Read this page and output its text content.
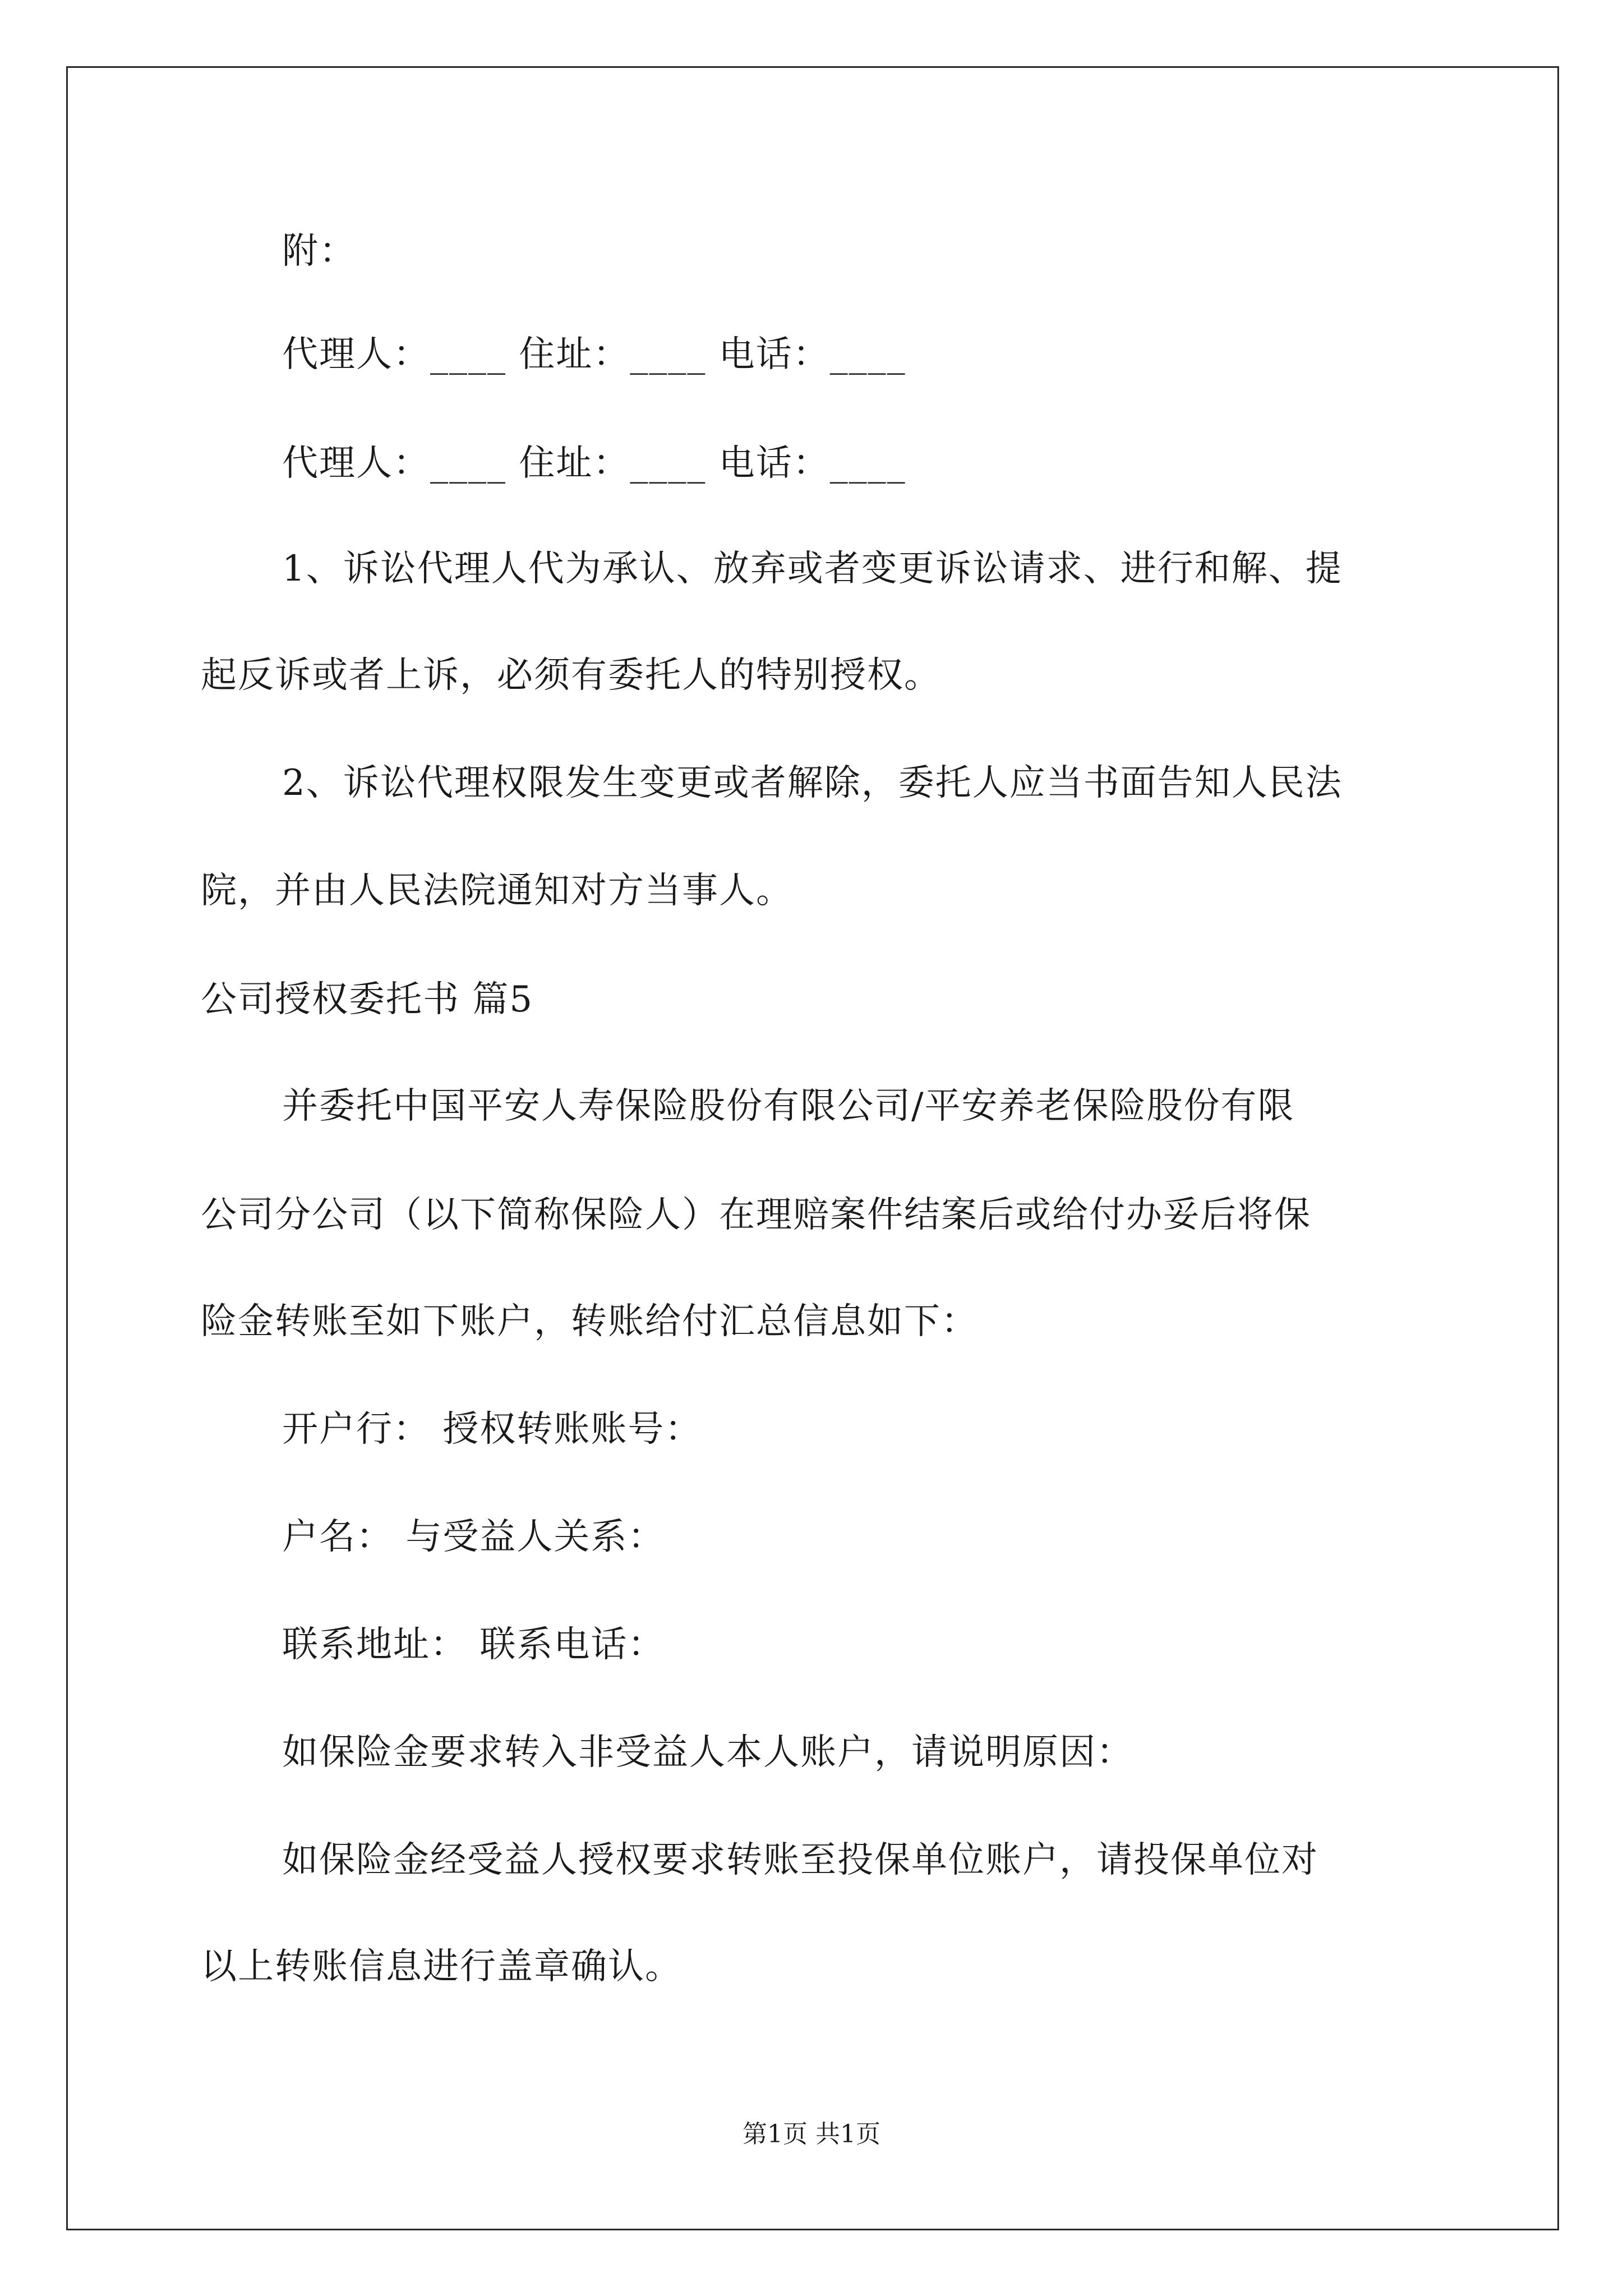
附：
代理人：____ 住址：____ 电话：____
代理人：____ 住址：____ 电话：____
1、诉讼代理人代为承认、放弃或者变更诉讼请求、进行和解、提
起反诉或者上诉，必须有委托人的特别授权。
2、诉讼代理权限发生变更或者解除，委托人应当书面告知人民法
院，并由人民法院通知对方当事人。
公司授权委托书 篇5
并委托中国平安人寿保险股份有限公司/平安养老保险股份有限
公司分公司（以下简称保险人）在理赔案件结案后或给付办妥后将保
险金转账至如下账户，转账给付汇总信息如下：
开户行： 授权转账账号：
户名： 与受益人关系：
联系地址： 联系电话：
如保险金要求转入非受益人本人账户，请说明原因：
如保险金经受益人授权要求转账至投保单位账户，请投保单位对
以上转账信息进行盖章确认。
第1页 共1页
